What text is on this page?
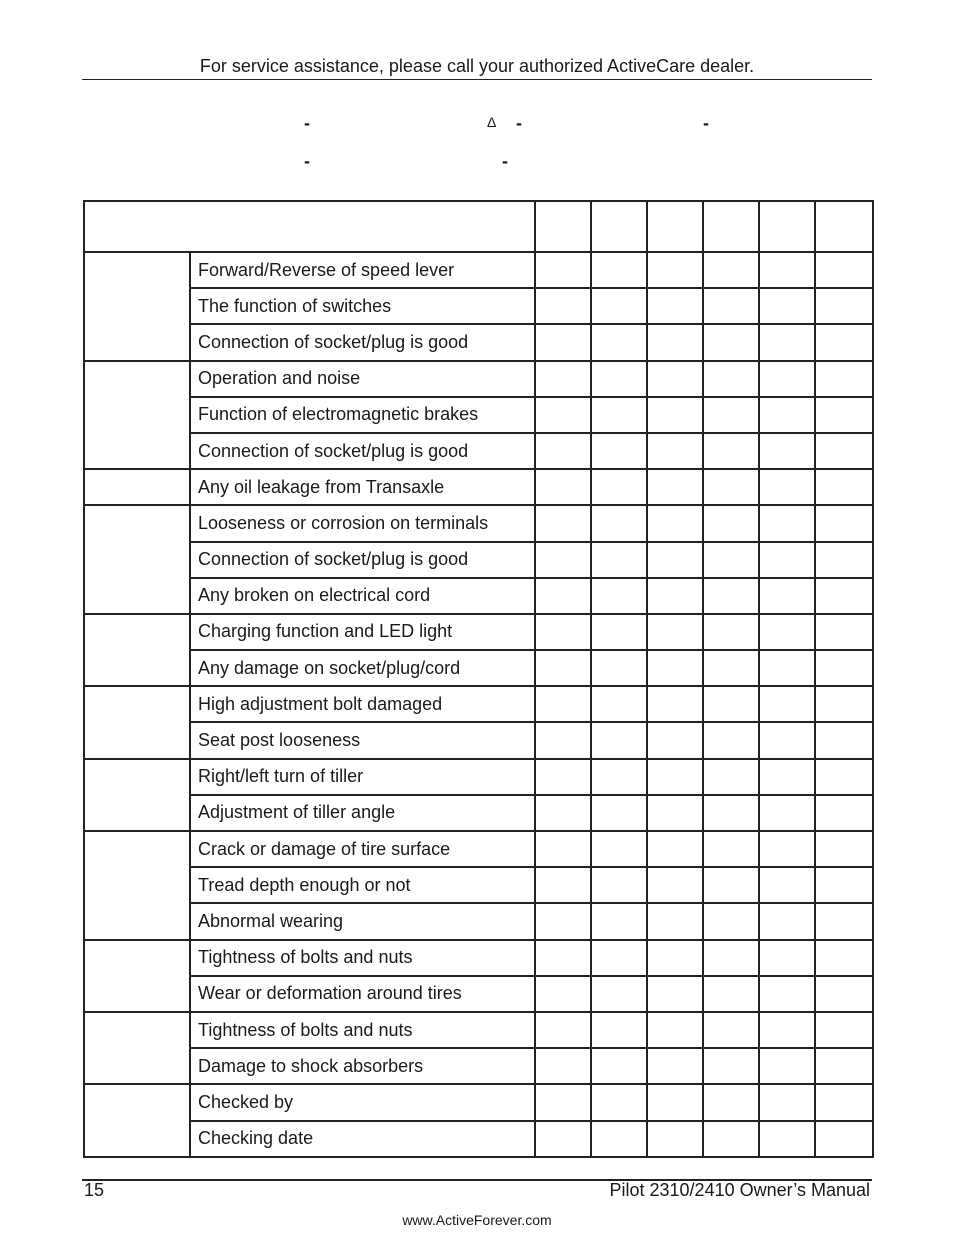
For service assistance, please call your authorized ActiveCare dealer.
-	Δ -	-
-	-

	Forward/Reverse of speed lever						
	The function of switches						
	Connection of socket/plug is good						
	Operation and noise						
	Function of electromagnetic brakes						
	Connection of socket/plug is good						
	Any oil leakage from Transaxle						
	Looseness or corrosion on terminals						
	Connection of socket/plug is good						
	Any broken on electrical cord						
	Charging function and LED light						
	Any damage on socket/plug/cord						
	High adjustment bolt damaged						
	Seat post looseness						
	Right/left turn of tiller						
	Adjustment of tiller angle						
	Crack or damage of tire surface						
	Tread depth enough or not						
	Abnormal wearing						
	Tightness of bolts and nuts						
	Wear or deformation around tires						
	Tightness of bolts and nuts						
	Damage to shock absorbers						
	Checked by						
	Checking date						
15	Pilot 2310/2410 Owner’s Manual
www.ActiveForever.com
